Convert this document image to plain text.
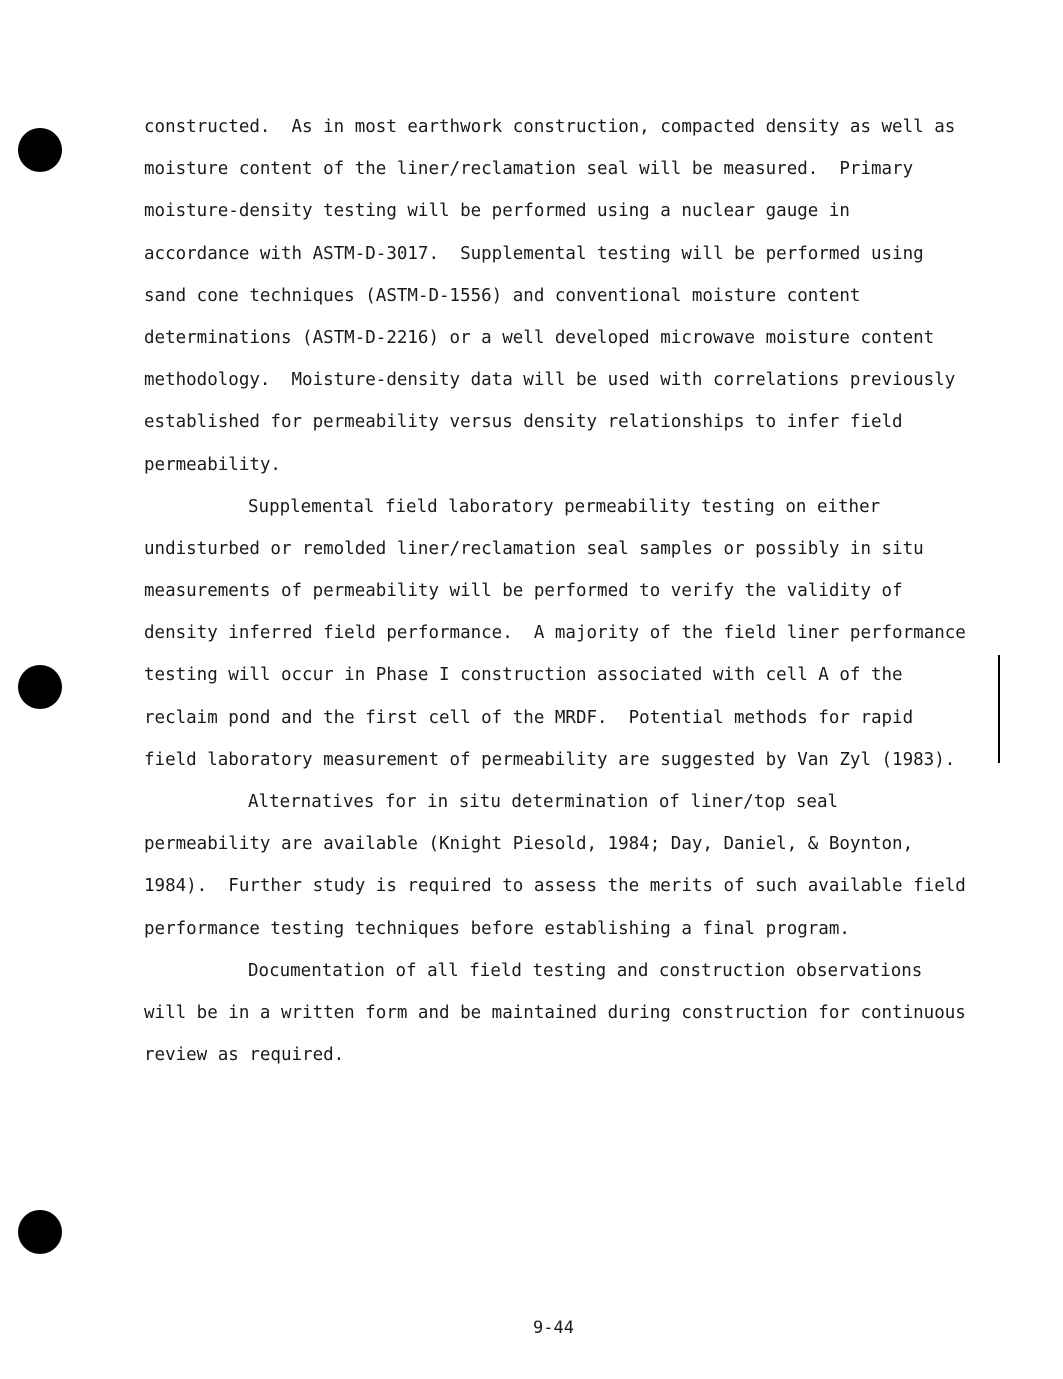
constructed.  As in most earthwork construction, compacted density as well as
moisture content of the liner/reclamation seal will be measured.  Primary
moisture-density testing will be performed using a nuclear gauge in
accordance with ASTM-D-3017.  Supplemental testing will be performed using
sand cone techniques (ASTM-D-1556) and conventional moisture content
determinations (ASTM-D-2216) or a well developed microwave moisture content
methodology.  Moisture-density data will be used with correlations previously
established for permeability versus density relationships to infer field
permeability.
Supplemental field laboratory permeability testing on either
undisturbed or remolded liner/reclamation seal samples or possibly in situ
measurements of permeability will be performed to verify the validity of
density inferred field performance.  A majority of the field liner performance
testing will occur in Phase I construction associated with cell A of the
reclaim pond and the first cell of the MRDF.  Potential methods for rapid
field laboratory measurement of permeability are suggested by Van Zyl (1983).
Alternatives for in situ determination of liner/top seal
permeability are available (Knight Piesold, 1984; Day, Daniel, & Boynton,
1984).  Further study is required to assess the merits of such available field
performance testing techniques before establishing a final program.
Documentation of all field testing and construction observations
will be in a written form and be maintained during construction for continuous
review as required.
9-44
